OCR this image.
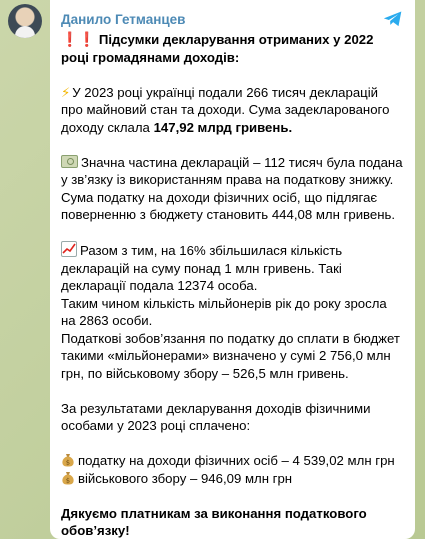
Данило Гетманцев

❗❗ Підсумки декларування отриманих у 2022 році громадянами доходів:

⚡ У 2023 році українці подали 266 тисяч декларацій про майновий стан та доходи. Сума задекларованого доходу склала 147,92 млрд гривень.

Значна частина декларацій – 112 тисяч була подана у зв’язку із використанням права на податкову знижку. Сума податку на доходи фізичних осіб, що підлягає поверненню з бюджету становить 444,08 млн гривень.

Разом з тим, на 16% збільшилася кількість декларацій на суму понад 1 млн гривень. Такі декларації подала 12374 особа.

Таким чином кількість мільйонерів рік до року зросла на 2863 особи.

Податкові зобов’язання по податку до сплати в бюджет такими «мільйонерами» визначено у сумі 2 756,0 млн грн, по військовому збору – 526,5 млн гривень.

За результатами декларування доходів фізичними особами у 2023 році сплачено:

$ податку на доходи фізичних осіб – 4 539,02 млн грн

$ військового збору – 946,09 млн грн

Дякуємо платникам за виконання податкового обов’язку!
